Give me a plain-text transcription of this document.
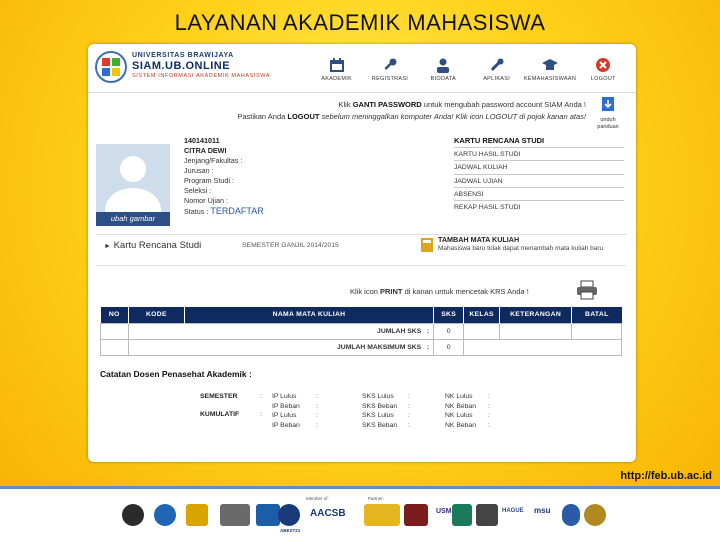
LAYANAN AKADEMIK MAHASISWA
UNIVERSITAS BRAWIJAYA
SIAM.UB.ONLINE
SISTEM INFORMASI AKADEMIK MAHASISWA	AKADEMIK	REGISTRASI	BIODATA	APLIKASI	KEMAHASISWAAN	LOGOUT
Klik GANTI PASSWORD untuk mengubah password account SIAM Anda !
Pastikan Anda LOGOUT sebelum meninggalkan komputer Anda! Klik icon LOGOUT di pojok kanan atas!	unduh
panduan
ubah gambar
140141011
CITRA DEWI
Jenjang/Fakultas :
Jurusan :
Program Studi :
Seleksi :
Nomor Ujian :
Status : TERDAFTAR
KARTU RENCANA STUDI
KARTU HASIL STUDI
JADWAL KULIAH
JADWAL UJIAN
ABSENSI
REKAP HASIL STUDI
► Kartu Rencana Studi	SEMESTER GANJIL 2014/2015
TAMBAH MATA KULIAH
Mahasiswa baru tidak dapat menambah mata kuliah baru
Klik icon PRINT di kanan untuk mencetak KRS Anda !
NO	KODE	NAMA MATA KULIAH	SKS	KELAS	KETERANGAN	BATAL
	JUMLAH SKS :		0			
	JUMLAH MAKSIMUM SKS :		0			
Catatan Dosen Penasehat Akademik :
SEMESTER	: IP Lulus	:	SKS Lulus :	NK Lulus :
IP Beban :	SKS Beban :	NK Beban :
KUMULATIF	: IP Lulus	:	SKS Lulus :	NK Lulus :
IP Beban :	SKS Beban :	NK Beban :
http://feb.ub.ac.id
Member of:
ABEST21
AACSB
Partner:
USM	HAGUE msu
